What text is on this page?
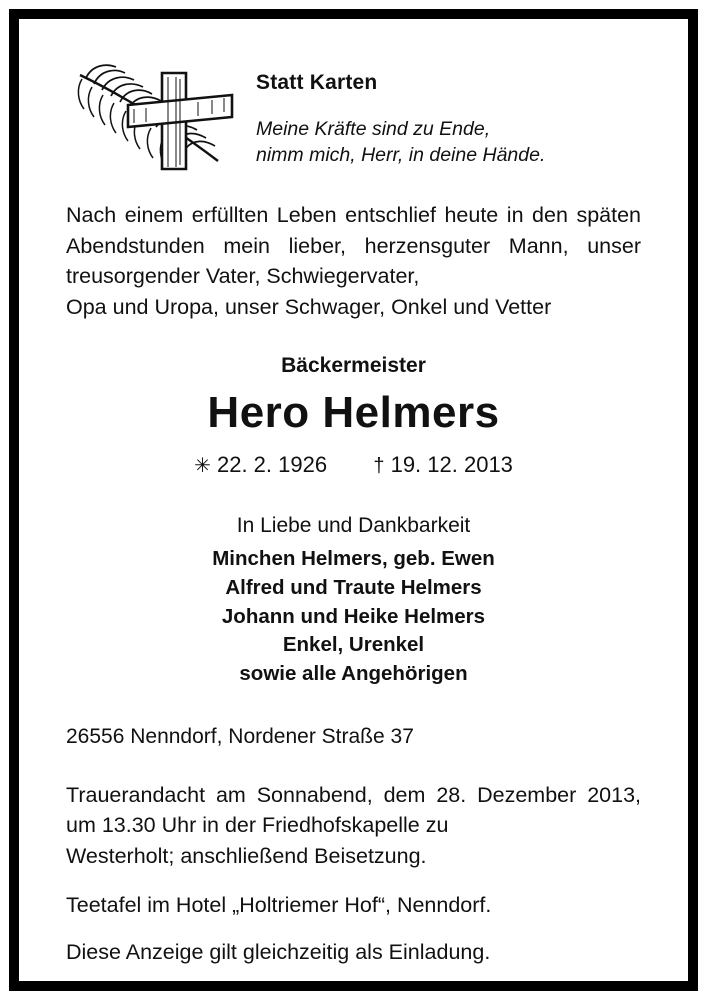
Statt Karten

Meine Kräfte sind zu Ende,
nimm mich, Herr, in deine Hände.

Nach einem erfüllten Leben entschlief heute in den späten Abendstunden mein lieber, herzensguter Mann, unser treusorgender Vater, Schwiegervater,
Opa und Uropa, unser Schwager, Onkel und Vetter

Bäckermeister

Hero Helmers

✳ 22. 2. 1926 † 19. 12. 2013

In Liebe und Dankbarkeit

Minchen Helmers, geb. Ewen
Alfred und Traute Helmers
Johann und Heike Helmers
Enkel, Urenkel
sowie alle Angehörigen

26556 Nenndorf, Nordener Straße 37

Trauerandacht am Sonnabend, dem 28. Dezember 2013, um 13.30 Uhr in der Friedhofskapelle zu
Westerholt; anschließend Beisetzung.

Teetafel im Hotel „Holtriemer Hof“, Nenndorf.

Diese Anzeige gilt gleichzeitig als Einladung.
